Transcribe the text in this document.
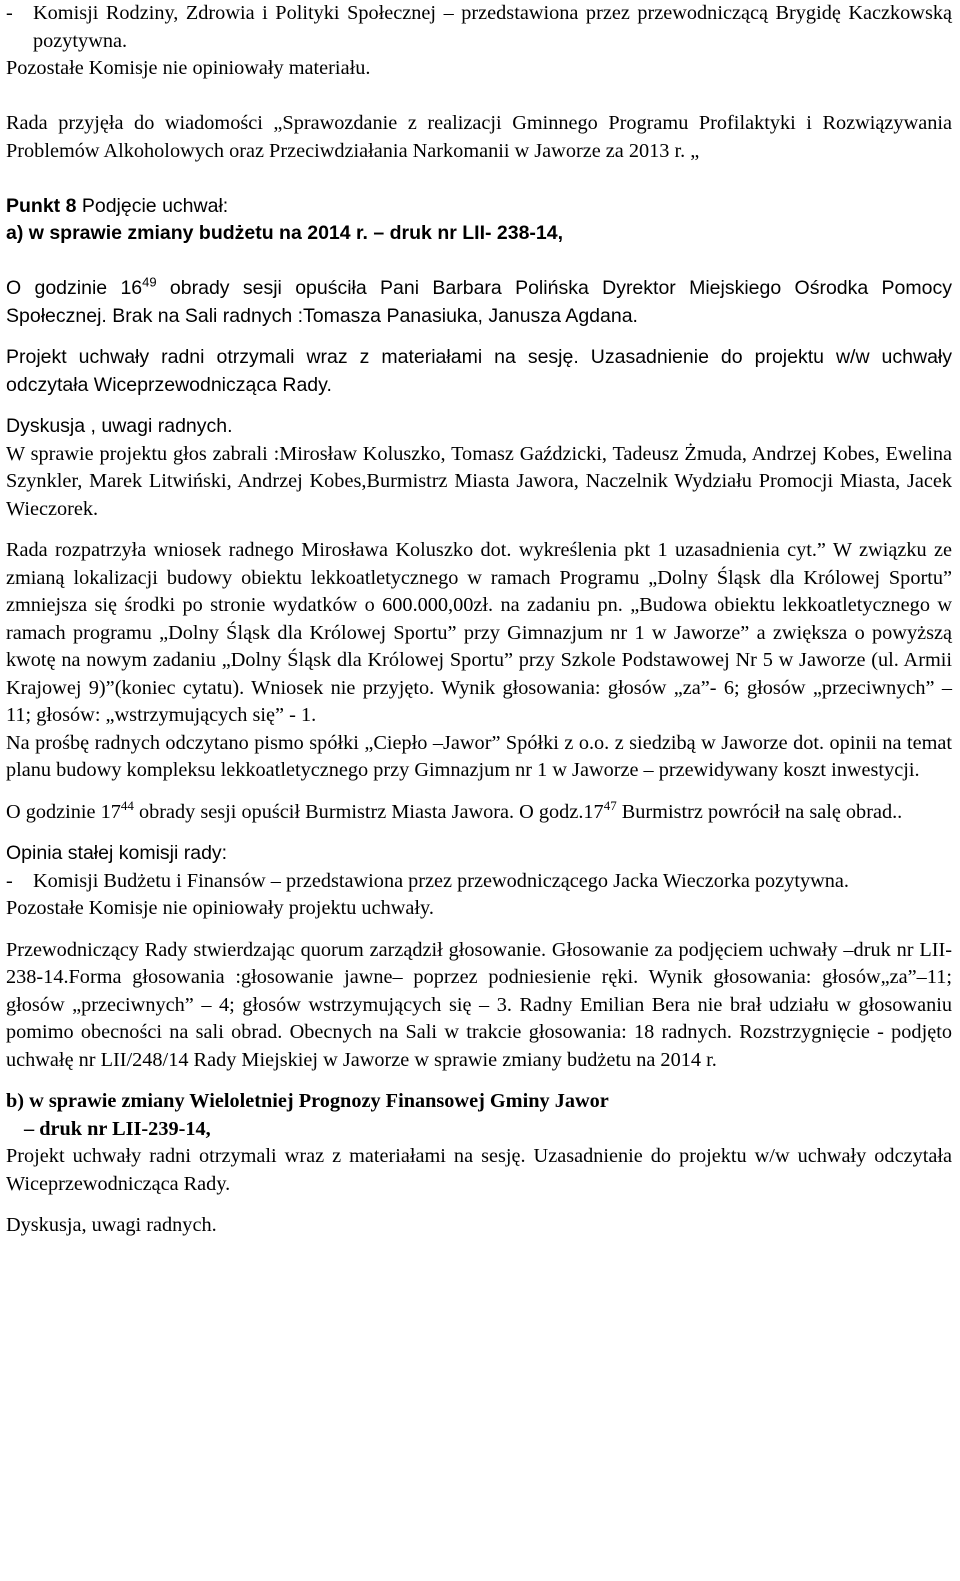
- Komisji Rodziny, Zdrowia i Polityki Społecznej – przedstawiona przez przewodniczącą Brygidę Kaczkowską pozytywna.

Pozostałe Komisje nie opiniowały materiału.

Rada przyjęła do wiadomości „Sprawozdanie z realizacji Gminnego Programu Profilaktyki i Rozwiązywania Problemów Alkoholowych oraz Przeciwdziałania Narkomanii w Jaworze za 2013 r. „

Punkt 8 Podjęcie uchwał:

a) w sprawie zmiany budżetu na 2014 r. – druk nr LII- 238-14,

O godzinie $16^{49}$ obrady sesji opuściła Pani Barbara Polińska Dyrektor Miejskiego Ośrodka Pomocy Społecznej. Brak na Sali radnych :Tomasza Panasiuka, Janusza Agdana.

Projekt uchwały radni otrzymali wraz z materiałami na sesję. Uzasadnienie do projektu w/w uchwały odczytała Wiceprzewodnicząca Rady.

Dyskusja , uwagi radnych.

W sprawie projektu głos zabrali :Mirosław Koluszko, Tomasz Gaździcki, Tadeusz Żmuda, Andrzej Kobes, Ewelina Szynkler, Marek Litwiński, Andrzej Kobes,Burmistrz Miasta Jawora, Naczelnik Wydziału Promocji Miasta, Jacek Wieczorek.

Rada rozpatrzyła wniosek radnego Mirosława Koluszko dot. wykreślenia pkt 1 uzasadnienia cyt.” W związku ze zmianą lokalizacji budowy obiektu lekkoatletycznego w ramach Programu „Dolny Śląsk dla Królowej Sportu” zmniejsza się środki po stronie wydatków o 600.000,00zł. na zadaniu pn. „Budowa obiektu lekkoatletycznego w ramach programu „Dolny Śląsk dla Królowej Sportu” przy Gimnazjum nr 1 w Jaworze” a zwiększa o powyższą kwotę na nowym zadaniu „Dolny Śląsk dla Królowej Sportu” przy Szkole Podstawowej Nr 5 w Jaworze (ul. Armii Krajowej 9)”(koniec cytatu). Wniosek nie przyjęto. Wynik głosowania: głosów „za”- 6; głosów „przeciwnych” – 11; głosów: „wstrzymujących się” - 1.

Na prośbę radnych odczytano pismo spółki „Ciepło –Jawor” Spółki z o.o. z siedzibą w Jaworze dot. opinii na temat planu budowy kompleksu lekkoatletycznego przy Gimnazjum nr 1 w Jaworze – przewidywany koszt inwestycji.

O godzinie $17^{44}$ obrady sesji opuścił Burmistrz Miasta Jawora. O $godz.17^{47}$ Burmistrz powrócił na salę obrad..

Opinia stałej komisji rady:

- Komisji Budżetu i Finansów – przedstawiona przez przewodniczącego Jacka Wieczorka pozytywna.

Pozostałe Komisje nie opiniowały projektu uchwały.

Przewodniczący Rady stwierdzając quorum zarządził głosowanie. Głosowanie za podjęciem uchwały –druk nr LII-238-14.Forma głosowania :głosowanie jawne– poprzez podniesienie ręki. Wynik głosowania: głosów„za”–11; głosów „przeciwnych” – 4; głosów wstrzymujących się – 3. Radny Emilian Bera nie brał udziału w głosowaniu pomimo obecności na sali obrad. Obecnych na Sali w trakcie głosowania: 18 radnych. Rozstrzygnięcie - podjęto uchwałę nr LII/248/14 Rady Miejskiej w Jaworze w sprawie zmiany budżetu na 2014 r.

b) w sprawie zmiany Wieloletniej Prognozy Finansowej Gminy Jawor

– druk nr LII-239-14,

Projekt uchwały radni otrzymali wraz z materiałami na sesję. Uzasadnienie do projektu w/w uchwały odczytała Wiceprzewodnicząca Rady.

Dyskusja, uwagi radnych.
